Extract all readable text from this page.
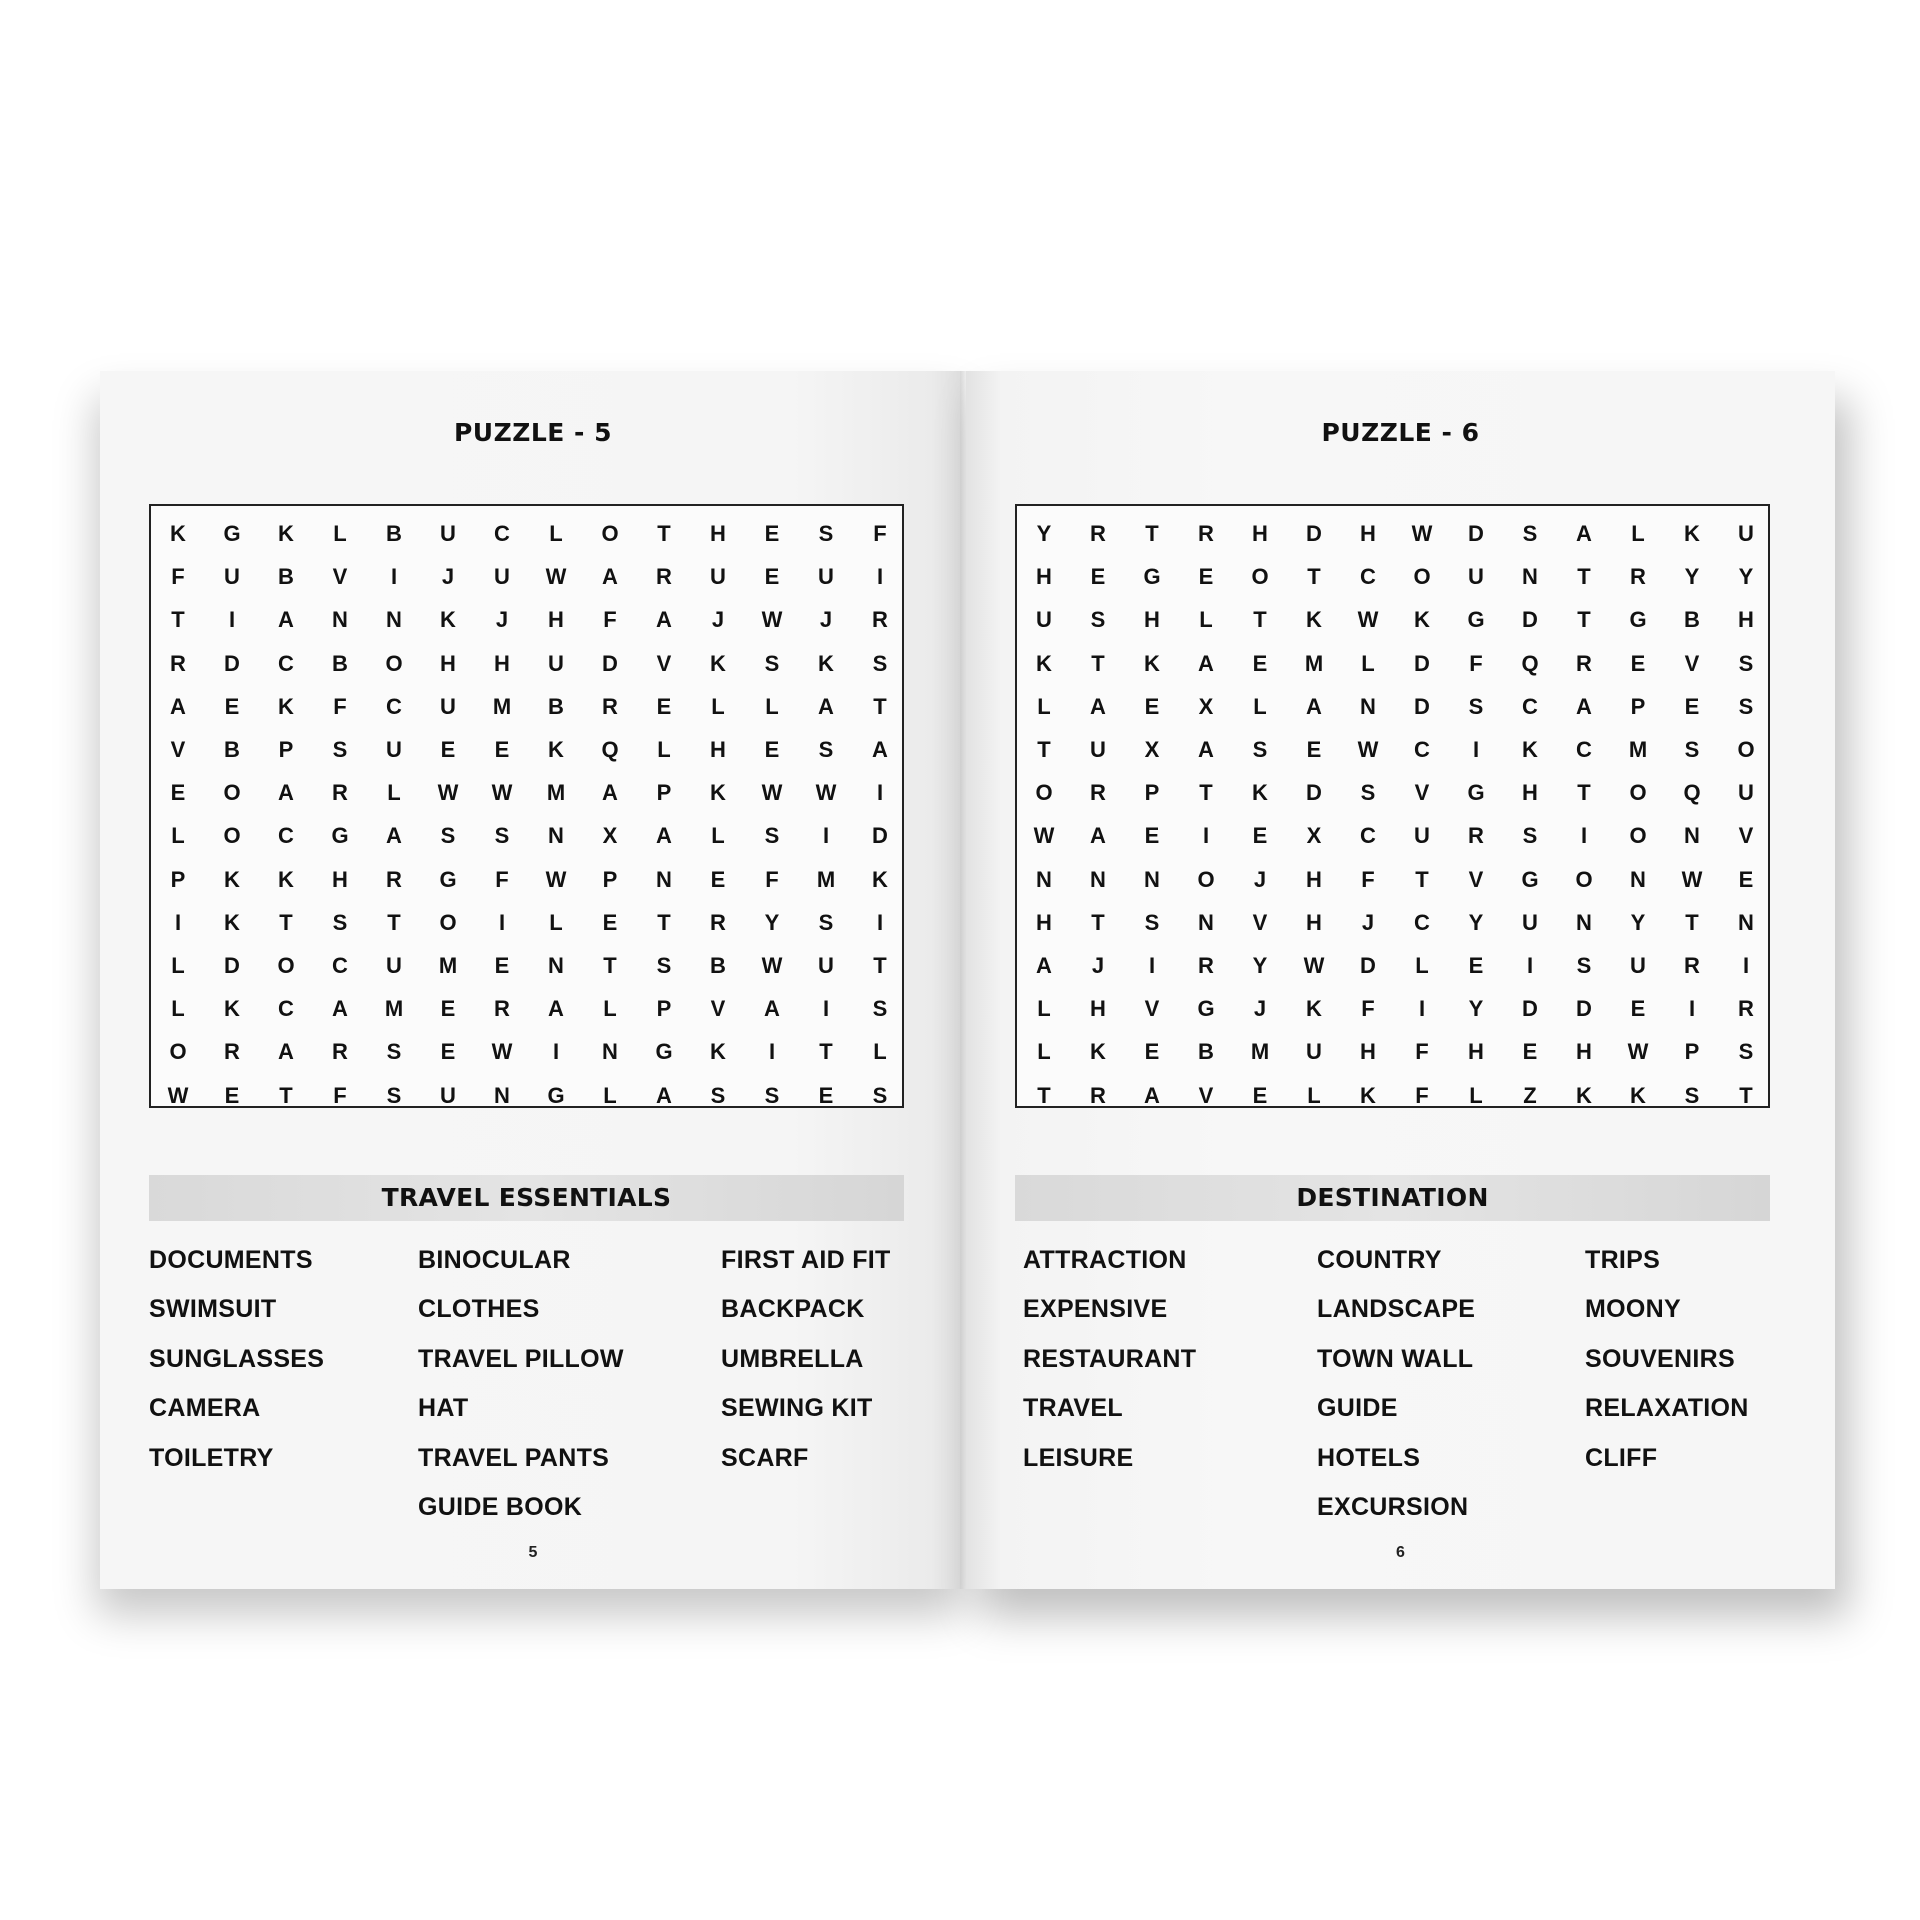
PUZZLE - 5
K	G	K	L	B	U	C	L	O	T	H	E	S	F
F	U	B	V	I	J	U	W	A	R	U	E	U	I
T	I	A	N	N	K	J	H	F	A	J	W	J	R
R	D	C	B	O	H	H	U	D	V	K	S	K	S
A	E	K	F	C	U	M	B	R	E	L	L	A	T
V	B	P	S	U	E	E	K	Q	L	H	E	S	A
E	O	A	R	L	W	W	M	A	P	K	W	W	I
L	O	C	G	A	S	S	N	X	A	L	S	I	D
P	K	K	H	R	G	F	W	P	N	E	F	M	K
I	K	T	S	T	O	I	L	E	T	R	Y	S	I
L	D	O	C	U	M	E	N	T	S	B	W	U	T
L	K	C	A	M	E	R	A	L	P	V	A	I	S
O	R	A	R	S	E	W	I	N	G	K	I	T	L
W	E	T	F	S	U	N	G	L	A	S	S	E	S
TRAVEL ESSENTIALS
DOCUMENTS
SWIMSUIT
SUNGLASSES
CAMERA
TOILETRY
BINOCULAR
CLOTHES
TRAVEL PILLOW
HAT
TRAVEL PANTS
GUIDE BOOK
FIRST AID FIT
BACKPACK
UMBRELLA
SEWING KIT
SCARF
5
PUZZLE - 6
Y	R	T	R	H	D	H	W	D	S	A	L	K	U
H	E	G	E	O	T	C	O	U	N	T	R	Y	Y
U	S	H	L	T	K	W	K	G	D	T	G	B	H
K	T	K	A	E	M	L	D	F	Q	R	E	V	S
L	A	E	X	L	A	N	D	S	C	A	P	E	S
T	U	X	A	S	E	W	C	I	K	C	M	S	O
O	R	P	T	K	D	S	V	G	H	T	O	Q	U
W	A	E	I	E	X	C	U	R	S	I	O	N	V
N	N	N	O	J	H	F	T	V	G	O	N	W	E
H	T	S	N	V	H	J	C	Y	U	N	Y	T	N
A	J	I	R	Y	W	D	L	E	I	S	U	R	I
L	H	V	G	J	K	F	I	Y	D	D	E	I	R
L	K	E	B	M	U	H	F	H	E	H	W	P	S
T	R	A	V	E	L	K	F	L	Z	K	K	S	T
DESTINATION
ATTRACTION
EXPENSIVE
RESTAURANT
TRAVEL
LEISURE
COUNTRY
LANDSCAPE
TOWN WALL
GUIDE
HOTELS
EXCURSION
TRIPS
MOONY
SOUVENIRS
RELAXATION
CLIFF
6
